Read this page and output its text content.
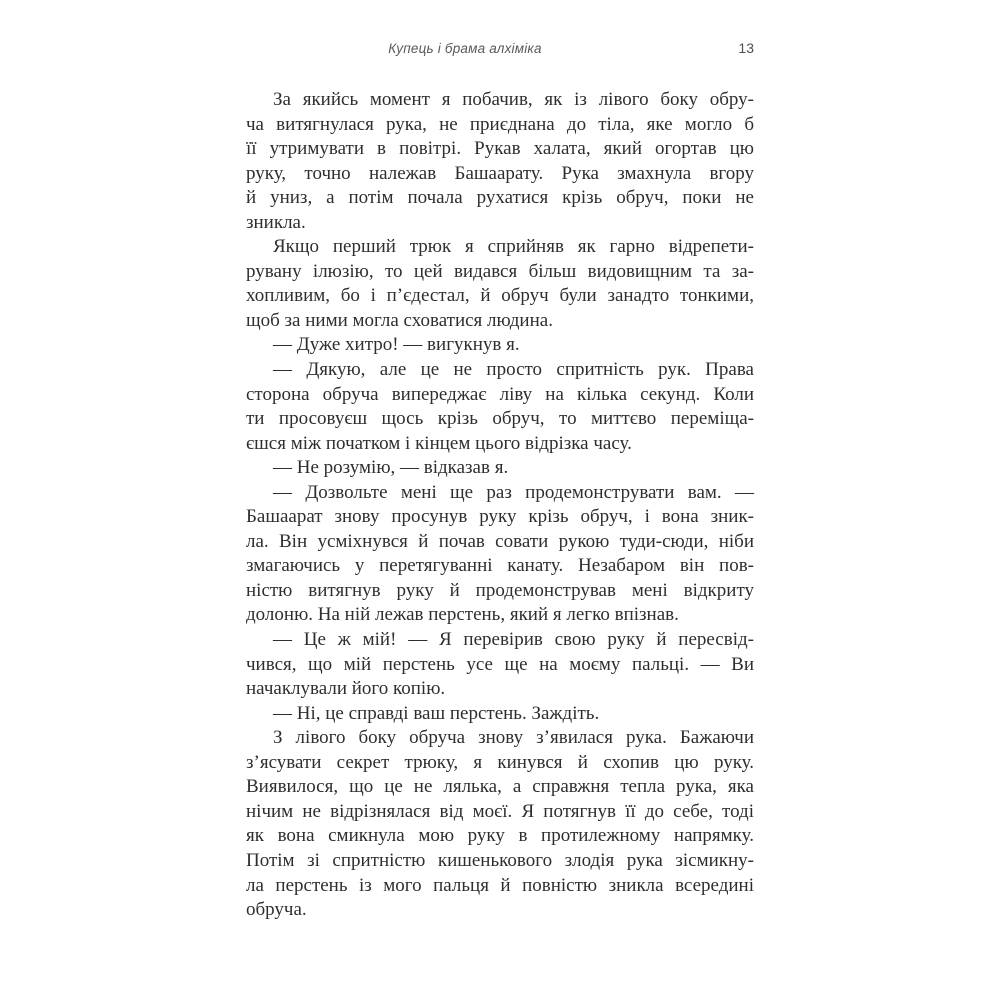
Купець і брама алхіміка	13
За якийсь момент я побачив, як із лівого боку обру-
ча витягнулася рука, не приєднана до тіла, яке могло б
її утримувати в повітрі. Рукав халата, який огортав цю
руку, точно належав Башаарату. Рука змахнула вгору
й униз, а потім почала рухатися крізь обруч, поки не
зникла.
Якщо перший трюк я сприйняв як гарно відрепети-
рувану ілюзію, то цей видався більш видовищним та за-
хопливим, бо і п’єдестал, й обруч були занадто тонкими,
щоб за ними могла сховатися людина.
— Дуже хитро! — вигукнув я.
— Дякую, але це не просто спритність рук. Права
сторона обруча випереджає ліву на кілька секунд. Коли
ти просовуєш щось крізь обруч, то миттєво переміща-
єшся між початком і кінцем цього відрізка часу.
— Не розумію, — відказав я.
— Дозвольте мені ще раз продемонструвати вам. —
Башаарат знову просунув руку крізь обруч, і вона зник-
ла. Він усміхнувся й почав совати рукою туди-сюди, ніби
змагаючись у перетягуванні канату. Незабаром він пов-
ністю витягнув руку й продемонстрував мені відкриту
долоню. На ній лежав перстень, який я легко впізнав.
— Це ж мій! — Я перевірив свою руку й пересвід-
чився, що мій перстень усе ще на моєму пальці. — Ви
начаклували його копію.
— Ні, це справді ваш перстень. Заждіть.
З лівого боку обруча знову з’явилася рука. Бажаючи
з’ясувати секрет трюку, я кинувся й схопив цю руку.
Виявилося, що це не лялька, а справжня тепла рука, яка
нічим не відрізнялася від моєї. Я потягнув її до себе, тоді
як вона смикнула мою руку в протилежному напрямку.
Потім зі спритністю кишенькового злодія рука зісмикну-
ла перстень із мого пальця й повністю зникла всередині
обруча.
